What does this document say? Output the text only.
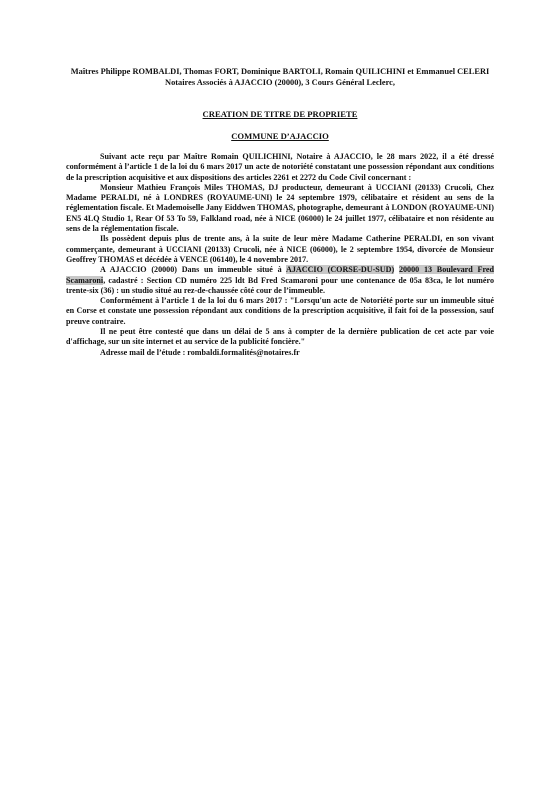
Maîtres Philippe ROMBALDI, Thomas FORT, Dominique BARTOLI, Romain QUILICHINI et Emmanuel CELERI
Notaires Associés à AJACCIO (20000), 3 Cours Général Leclerc,
CREATION DE TITRE DE PROPRIETE
COMMUNE D’AJACCIO

Suivant acte reçu par Maître Romain QUILICHINI, Notaire à AJACCIO, le 28 mars 2022, il a été dressé conformément à l’article 1 de la loi du 6 mars 2017 un acte de notoriété constatant une possession répondant aux conditions de la prescription acquisitive et aux dispositions des articles 2261 et 2272 du Code Civil concernant :

Monsieur Mathieu François Miles THOMAS, DJ producteur, demeurant à UCCIANI (20133) Crucoli, Chez Madame PERALDI, né à LONDRES (ROYAUME-UNI) le 24 septembre 1979, célibataire et résident au sens de la réglementation fiscale. Et Mademoiselle Jany Eiddwen THOMAS, photographe, demeurant à LONDON (ROYAUME-UNI) EN5 4LQ Studio 1, Rear Of 53 To 59, Falkland road, née à NICE (06000) le 24 juillet 1977, célibataire et non résidente au sens de la réglementation fiscale.

Ils possèdent depuis plus de trente ans, à la suite de leur mère Madame Catherine PERALDI, en son vivant commerçante, demeurant à UCCIANI (20133) Crucoli, née à NICE (06000), le 2 septembre 1954, divorcée de Monsieur Geoffrey THOMAS et décédée à VENCE (06140), le 4 novembre 2017.

A AJACCIO (20000) Dans un immeuble situé à AJACCIO (CORSE-DU-SUD) 20000 13 Boulevard Fred Scamaroni, cadastré : Section CD numéro 225 ldt Bd Fred Scamaroni pour une contenance de 05a 83ca, le lot numéro trente-six (36) : un studio situé au rez-de-chaussée côté cour de l’immeuble.

Conformément à l’article 1 de la loi du 6 mars 2017 : "Lorsqu'un acte de Notoriété porte sur un immeuble situé en Corse et constate une possession répondant aux conditions de la prescription acquisitive, il fait foi de la possession, sauf preuve contraire.

Il ne peut être contesté que dans un délai de 5 ans à compter de la dernière publication de cet acte par voie d'affichage, sur un site internet et au service de la publicité foncière."

Adresse mail de l’étude : rombaldi.formalités@notaires.fr
